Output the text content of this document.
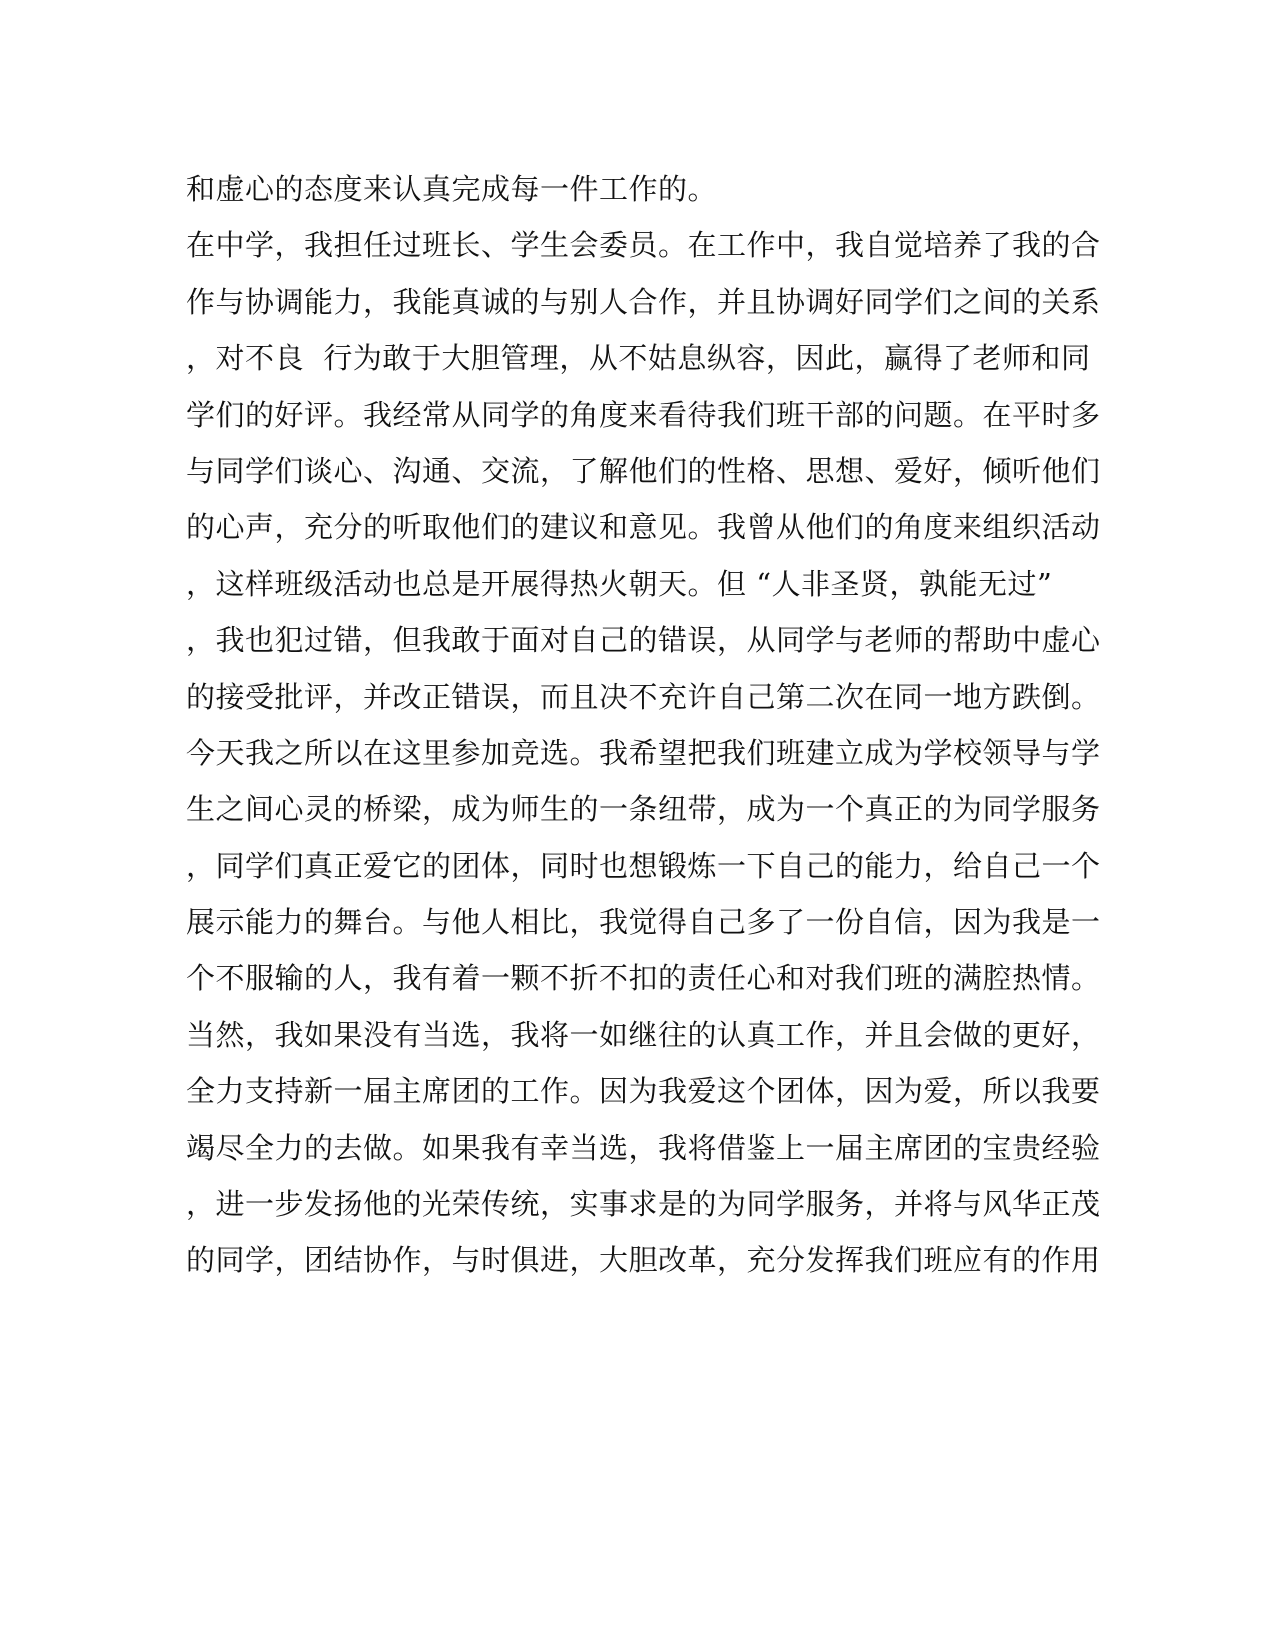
和虚心的态度来认真完成每一件工作的。
在中学，我担任过班长、学生会委员。在工作中，我自觉培养了我的合
作与协调能力，我能真诚的与别人合作，并且协调好同学们之间的关系
，对不良  行为敢于大胆管理，从不姑息纵容，因此，赢得了老师和同
学们的好评。我经常从同学的角度来看待我们班干部的问题。在平时多
与同学们谈心、沟通、交流，了解他们的性格、思想、爱好，倾听他们
的心声，充分的听取他们的建议和意见。我曾从他们的角度来组织活动
，这样班级活动也总是开展得热火朝天。但 “人非圣贤，孰能无过”
，我也犯过错，但我敢于面对自己的错误，从同学与老师的帮助中虚心
的接受批评，并改正错误，而且决不充许自己第二次在同一地方跌倒。
今天我之所以在这里参加竞选。我希望把我们班建立成为学校领导与学
生之间心灵的桥梁，成为师生的一条纽带，成为一个真正的为同学服务
，同学们真正爱它的团体，同时也想锻炼一下自己的能力，给自己一个
展示能力的舞台。与他人相比，我觉得自己多了一份自信，因为我是一
个不服输的人，我有着一颗不折不扣的责任心和对我们班的满腔热情。
当然，我如果没有当选，我将一如继往的认真工作，并且会做的更好，
全力支持新一届主席团的工作。因为我爱这个团体，因为爱，所以我要
竭尽全力的去做。如果我有幸当选，我将借鉴上一届主席团的宝贵经验
，进一步发扬他的光荣传统，实事求是的为同学服务，并将与风华正茂
的同学，团结协作，与时俱进，大胆改革，充分发挥我们班应有的作用
